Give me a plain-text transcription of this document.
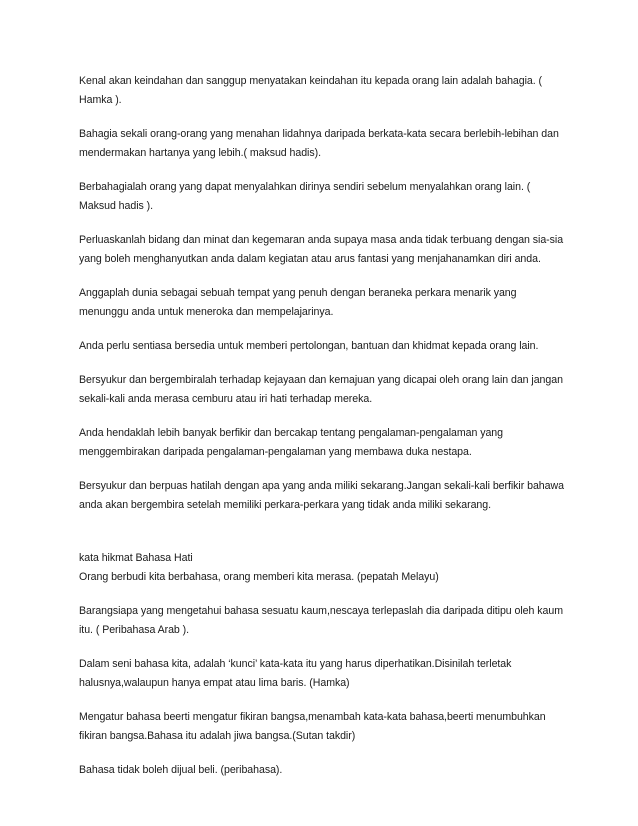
Kenal akan keindahan dan sanggup menyatakan keindahan itu kepada orang lain adalah bahagia. ( Hamka ).

Bahagia sekali orang-orang yang menahan lidahnya daripada berkata-kata secara berlebih-lebihan dan mendermakan hartanya yang lebih.( maksud hadis).

Berbahagialah orang yang dapat menyalahkan dirinya sendiri sebelum menyalahkan orang lain. ( Maksud hadis ).

Perluaskanlah bidang dan minat dan kegemaran anda supaya masa anda tidak terbuang dengan sia-sia yang boleh menghanyutkan anda dalam kegiatan atau arus fantasi yang menjahanamkan diri anda.

Anggaplah dunia sebagai sebuah tempat yang penuh dengan beraneka perkara menarik yang menunggu anda untuk meneroka dan mempelajarinya.

Anda perlu sentiasa bersedia untuk memberi pertolongan, bantuan dan khidmat kepada orang lain.

Bersyukur dan bergembiralah terhadap kejayaan dan kemajuan yang dicapai oleh orang lain dan jangan sekali-kali anda merasa cemburu atau iri hati terhadap mereka.

Anda hendaklah lebih banyak berfikir dan bercakap tentang pengalaman-pengalaman yang menggembirakan daripada pengalaman-pengalaman yang membawa duka nestapa.

Bersyukur dan berpuas hatilah dengan apa yang anda miliki sekarang.Jangan sekali-kali berfikir bahawa anda akan bergembira setelah memiliki perkara-perkara yang tidak anda miliki sekarang.

kata hikmat Bahasa Hati

Orang berbudi kita berbahasa, orang memberi kita merasa. (pepatah Melayu)

Barangsiapa yang mengetahui bahasa sesuatu kaum,nescaya terlepaslah dia daripada ditipu oleh kaum itu. ( Peribahasa Arab ).

Dalam seni bahasa kita, adalah ‘kunci’ kata-kata itu yang harus diperhatikan.Disinilah terletak halusnya,walaupun hanya empat atau lima baris. (Hamka)

Mengatur bahasa beerti mengatur fikiran bangsa,menambah kata-kata bahasa,beerti menumbuhkan fikiran bangsa.Bahasa itu adalah jiwa bangsa.(Sutan takdir)

Bahasa tidak boleh dijual beli. (peribahasa).
